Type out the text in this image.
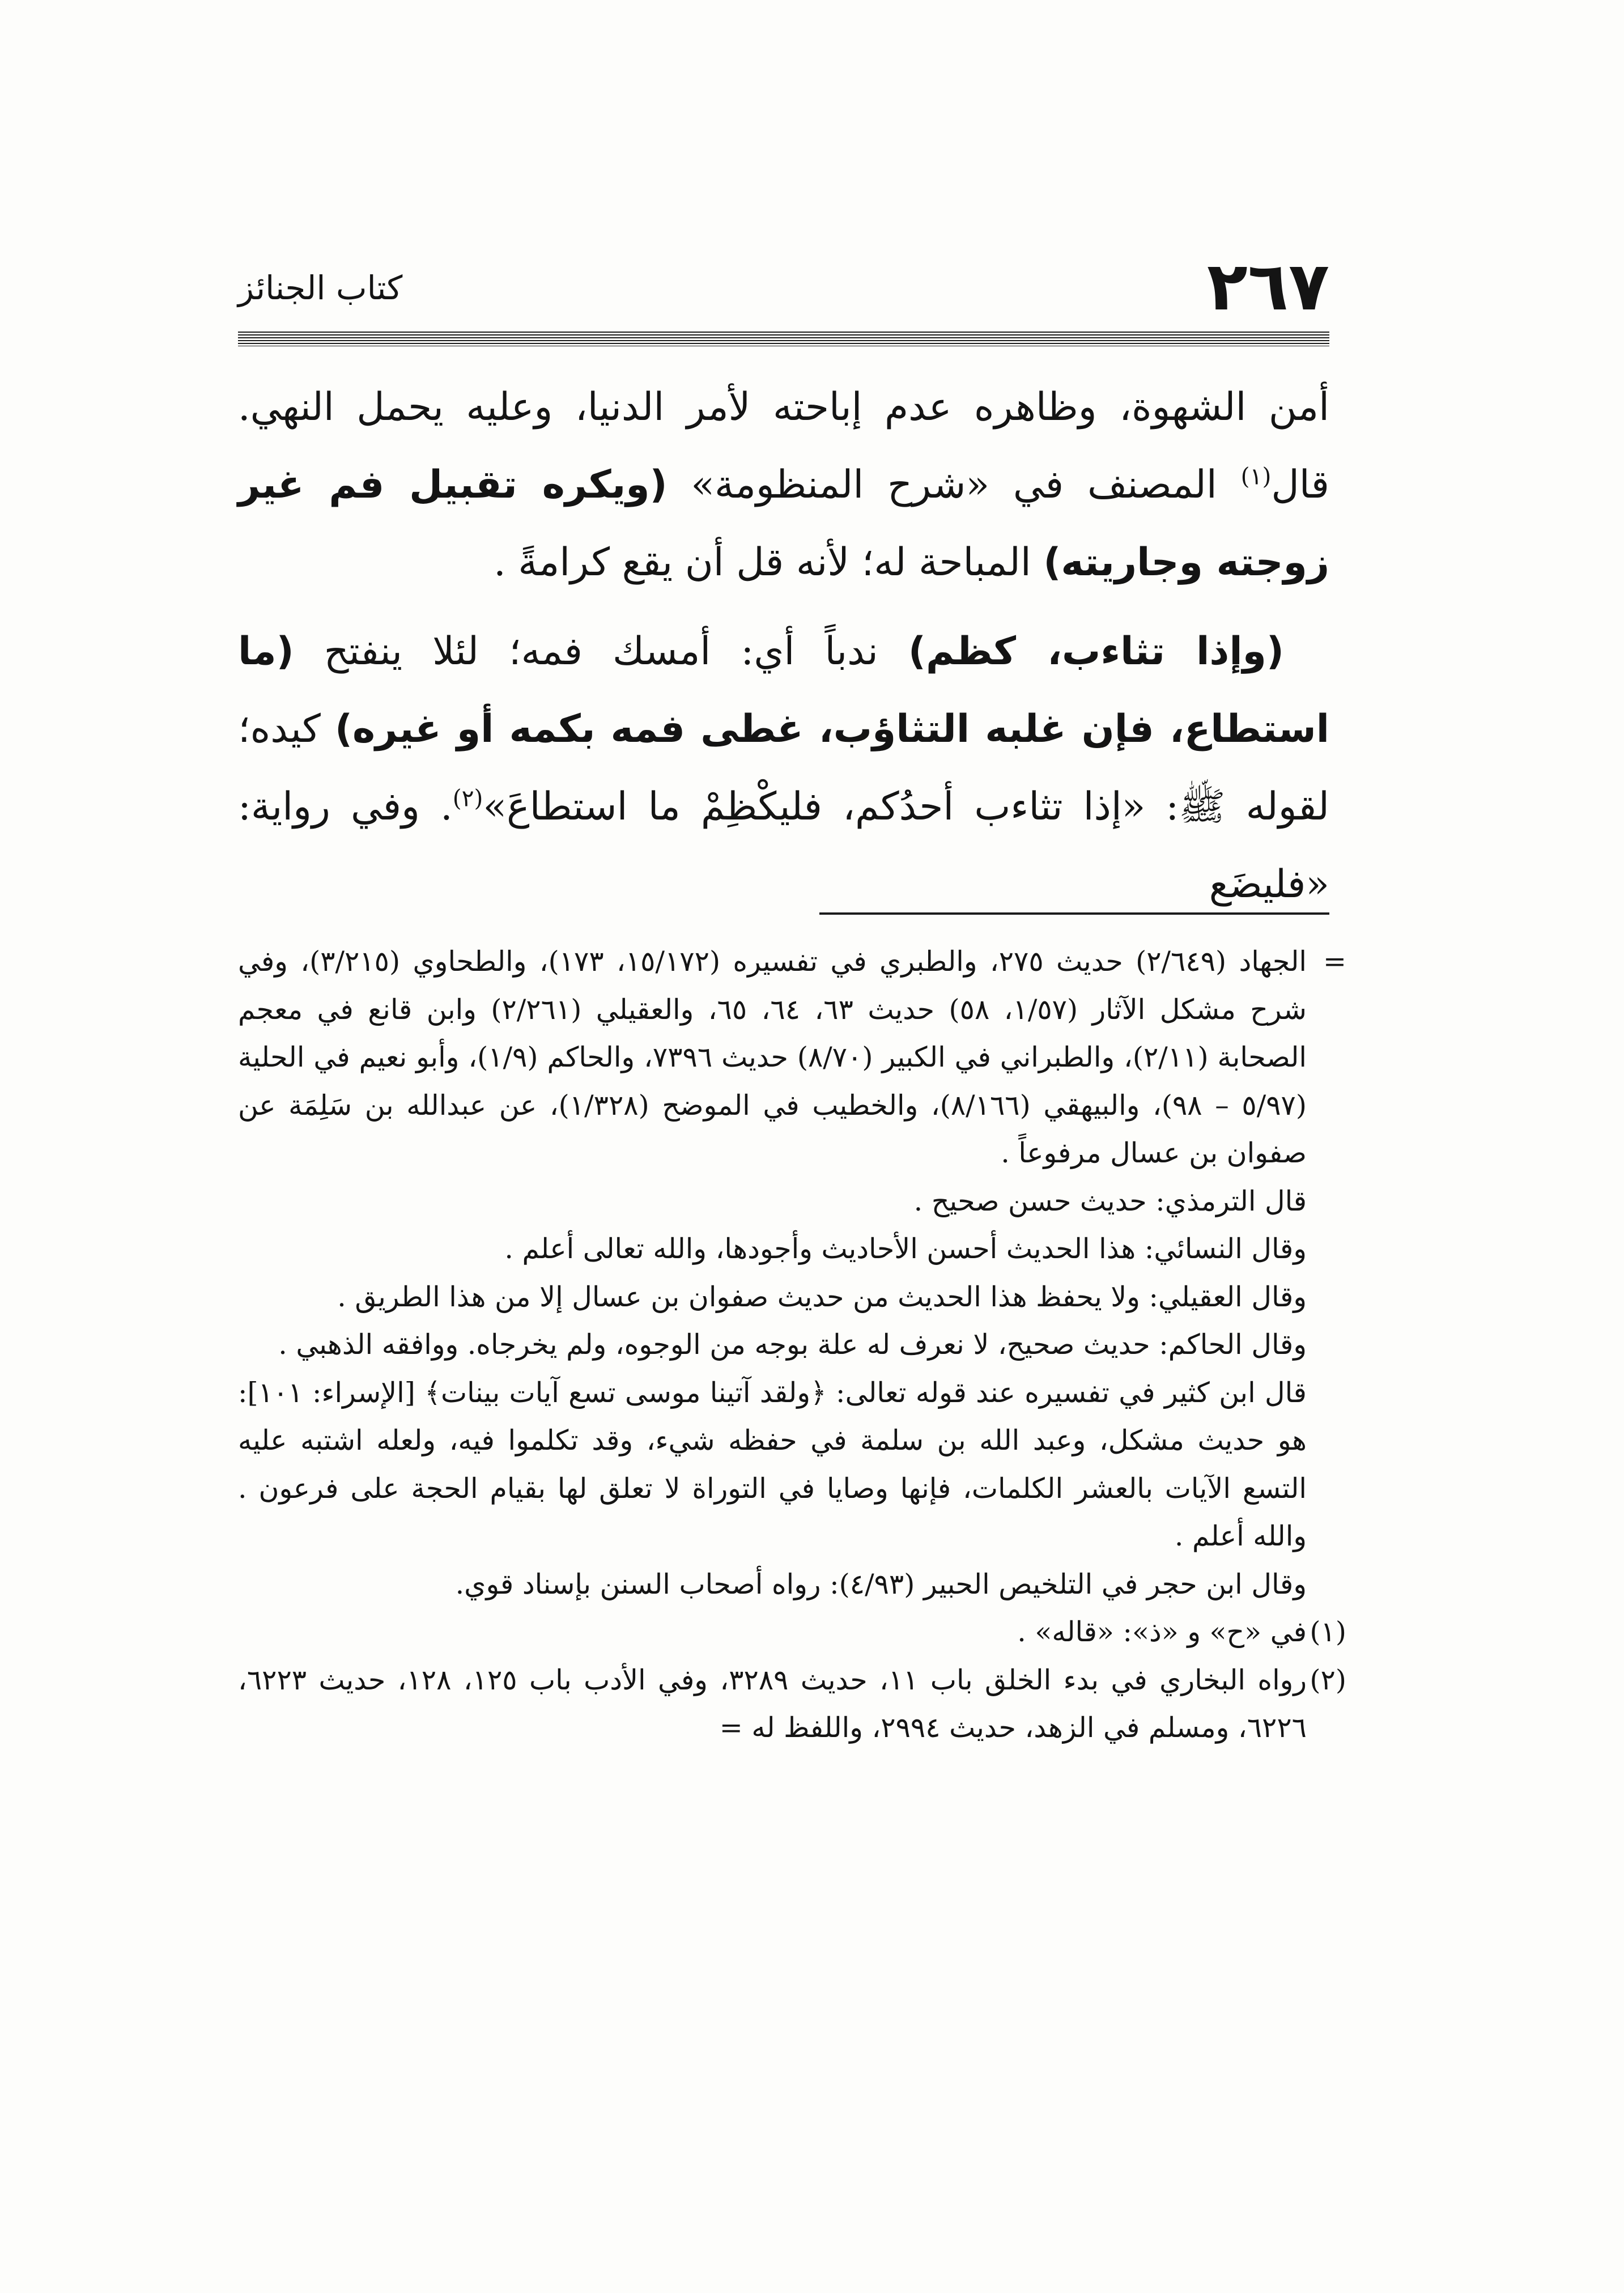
٢٦٧
كتاب الجنائز

أمن الشهوة، وظاهره عدم إباحته لأمر الدنيا، وعليه يحمل النهي. قال$^{(١)}$ المصنف في «شرح المنظومة» (ويكره تقبيل فم غير زوجته وجاريته) المباحة له؛ لأنه قل أن يقع كرامةً .

(وإذا تثاءب، كظم) ندباً أي: أمسك فمه؛ لئلا ينفتح (ما استطاع، فإن غلبه التثاؤب، غطى فمه بكمه أو غيره) كيده؛ لقوله ﷺ: «إذا تثاءب أحدُكم، فليكْظِمْ ما استطاعَ»$^{(٢)}$. وفي رواية: «فليضَع

=

الجهاد (٢/٦٤٩) حديث ٢٧٥، والطبري في تفسيره (١٥/١٧٢، ١٧٣)، والطحاوي (٣/٢١٥)، وفي شرح مشكل الآثار (١/٥٧، ٥٨) حديث ٦٣، ٦٤، ٦٥، والعقيلي (٢/٢٦١) وابن قانع في معجم الصحابة (٢/١١)، والطبراني في الكبير (٨/٧٠) حديث ٧٣٩٦، والحاكم (١/٩)، وأبو نعيم في الحلية (٥/٩٧ – ٩٨)، والبيهقي (٨/١٦٦)، والخطيب في الموضح (١/٣٢٨)، عن عبدالله بن سَلِمَة عن صفوان بن عسال مرفوعاً .

قال الترمذي: حديث حسن صحيح .

وقال النسائي: هذا الحديث أحسن الأحاديث وأجودها، والله تعالى أعلم .

وقال العقيلي: ولا يحفظ هذا الحديث من حديث صفوان بن عسال إلا من هذا الطريق .

وقال الحاكم: حديث صحيح، لا نعرف له علة بوجه من الوجوه، ولم يخرجاه. ووافقه الذهبي .

قال ابن كثير في تفسيره عند قوله تعالى: ﴿ولقد آتينا موسى تسع آيات بينات﴾ [الإسراء: ١٠١]: هو حديث مشكل، وعبد الله بن سلمة في حفظه شيء، وقد تكلموا فيه، ولعله اشتبه عليه التسع الآيات بالعشر الكلمات، فإنها وصايا في التوراة لا تعلق لها بقيام الحجة على فرعون . والله أعلم .

وقال ابن حجر في التلخيص الحبير (٤/٩٣): رواه أصحاب السنن بإسناد قوي.

(١)
في «ح» و «ذ»: «قاله» .
(٢)
رواه البخاري في بدء الخلق باب ١١، حديث ٣٢٨٩، وفي الأدب باب ١٢٥، ١٢٨، حديث ٦٢٢٣، ٦٢٢٦، ومسلم في الزهد، حديث ٢٩٩٤، واللفظ له =
